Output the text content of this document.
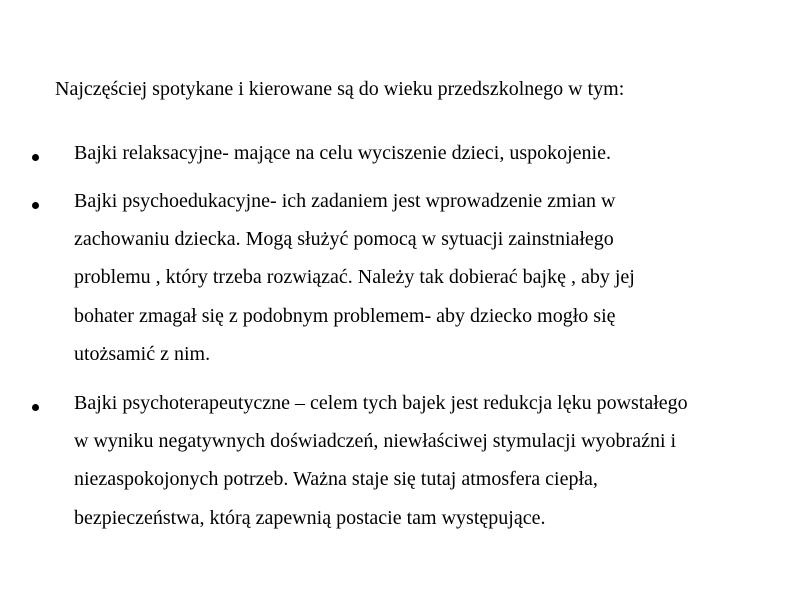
Najczęściej spotykane i kierowane są do wieku przedszkolnego w tym:
Bajki relaksacyjne- mające na celu wyciszenie dzieci, uspokojenie.
Bajki psychoedukacyjne- ich zadaniem jest wprowadzenie zmian w
zachowaniu dziecka. Mogą służyć pomocą w sytuacji zainstniałego
problemu , który trzeba rozwiązać. Należy tak dobierać bajkę , aby jej
bohater zmagał się z podobnym problemem- aby dziecko mogło się
utożsamić z nim.
Bajki psychoterapeutyczne – celem tych bajek jest redukcja lęku powstałego
w wyniku negatywnych doświadczeń, niewłaściwej stymulacji wyobraźni i
niezaspokojonych potrzeb. Ważna staje się tutaj atmosfera ciepła,
bezpieczeństwa, którą zapewnią postacie tam występujące.
